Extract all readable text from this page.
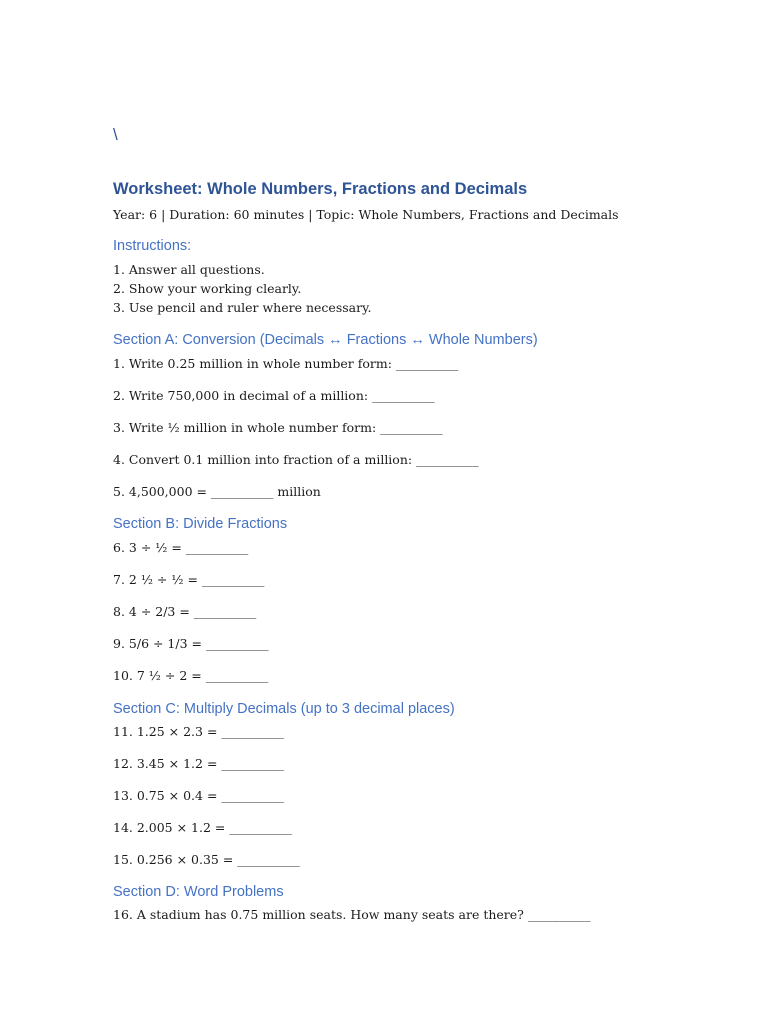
\
Worksheet: Whole Numbers, Fractions and Decimals
Year: 6 | Duration: 60 minutes | Topic: Whole Numbers, Fractions and Decimals
Instructions:
1. Answer all questions.
2. Show your working clearly.
3. Use pencil and ruler where necessary.
Section A: Conversion (Decimals ↔ Fractions ↔ Whole Numbers)
1. Write 0.25 million in whole number form: __________
2. Write 750,000 in decimal of a million: __________
3. Write ½ million in whole number form: __________
4. Convert 0.1 million into fraction of a million: __________
5. 4,500,000 = __________ million
Section B: Divide Fractions
6. 3 ÷ ½ = __________
7. 2 ½ ÷ ½ = __________
8. 4 ÷ 2/3 = __________
9. 5/6 ÷ 1/3 = __________
10. 7 ½ ÷ 2 = __________
Section C: Multiply Decimals (up to 3 decimal places)
11. 1.25 × 2.3 = __________
12. 3.45 × 1.2 = __________
13. 0.75 × 0.4 = __________
14. 2.005 × 1.2 = __________
15. 0.256 × 0.35 = __________
Section D: Word Problems
16. A stadium has 0.75 million seats. How many seats are there? __________
